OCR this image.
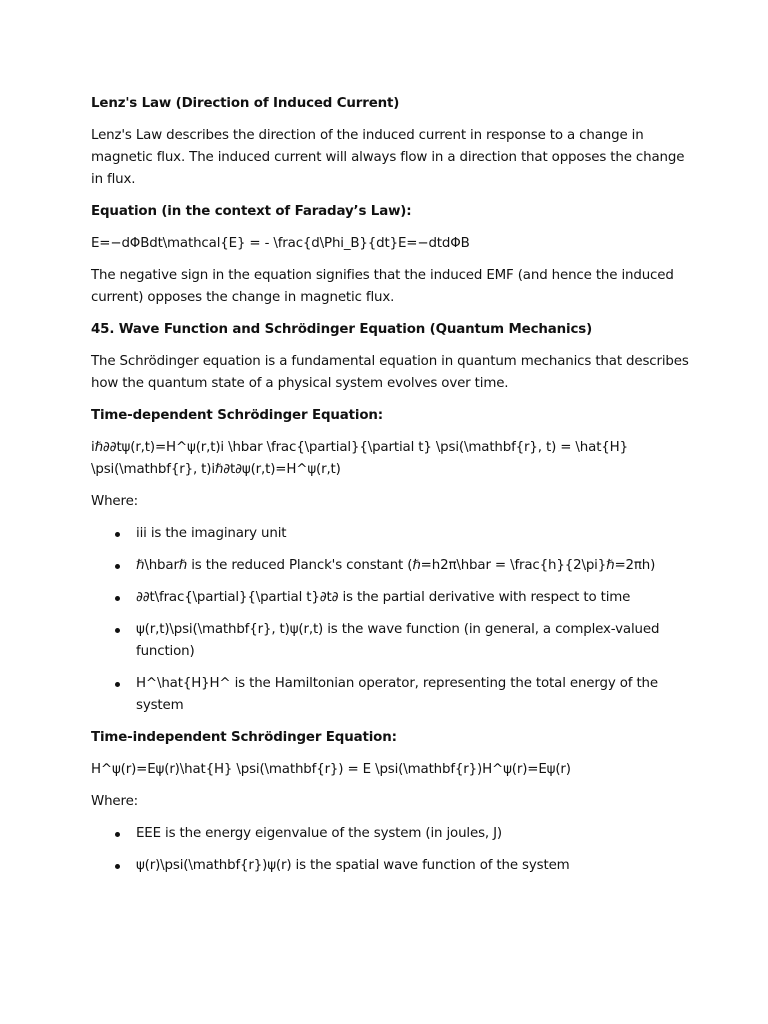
Lenz's Law (Direction of Induced Current)

Lenz's Law describes the direction of the induced current in response to a change in magnetic flux. The induced current will always flow in a direction that opposes the change in flux.

Equation (in the context of Faraday’s Law):

E=−dΦBdt\mathcal{E} = - \frac{d\Phi_B}{dt}E=−dtdΦB

The negative sign in the equation signifies that the induced EMF (and hence the induced current) opposes the change in magnetic flux.

45. Wave Function and Schrödinger Equation (Quantum Mechanics)

The Schrödinger equation is a fundamental equation in quantum mechanics that describes how the quantum state of a physical system evolves over time.

Time-dependent Schrödinger Equation:

iℏ∂∂tψ(r,t)=H^ψ(r,t)i \hbar \frac{\partial}{\partial t} \psi(\mathbf{r}, t) = \hat{H} \psi(\mathbf{r}, t)iℏ∂t∂ψ(r,t)=H^ψ(r,t)

Where:

iii is the imaginary unit
ℏ\hbarℏ is the reduced Planck's constant (ℏ=h2π\hbar = \frac{h}{2\pi}ℏ=2πh)
∂∂t\frac{\partial}{\partial t}∂t∂ is the partial derivative with respect to time
ψ(r,t)\psi(\mathbf{r}, t)ψ(r,t) is the wave function (in general, a complex-valued function)
H^\hat{H}H^ is the Hamiltonian operator, representing the total energy of the system

Time-independent Schrödinger Equation:

H^ψ(r)=Eψ(r)\hat{H} \psi(\mathbf{r}) = E \psi(\mathbf{r})H^ψ(r)=Eψ(r)

Where:

EEE is the energy eigenvalue of the system (in joules, J)
ψ(r)\psi(\mathbf{r})ψ(r) is the spatial wave function of the system
